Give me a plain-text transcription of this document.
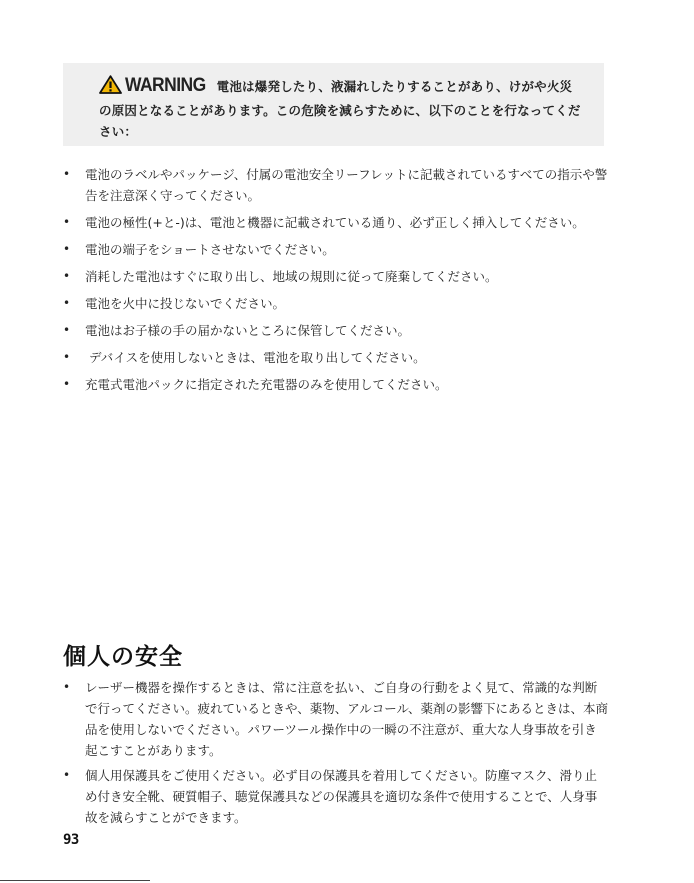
WARNING 電池は爆発したり、液漏れしたりすることがあり、けがや火災の原因となることがあります。この危険を減らすために、以下のことを行なってください：
• 電池のラベルやパッケージ、付属の電池安全リーフレットに記載されているすべての指示や警告を注意深く守ってください。
• 電池の極性(+と-)は、電池と機器に記載されている通り、必ず正しく挿入してください。
• 電池の端子をショートさせないでください。
• 消耗した電池はすぐに取り出し、地域の規則に従って廃棄してください。
• 電池を火中に投じないでください。
• 電池はお子様の手の届かないところに保管してください。
• デバイスを使用しないときは、電池を取り出してください。
• 充電式電池パックに指定された充電器のみを使用してください。
個人の安全
• レーザー機器を操作するときは、常に注意を払い、ご自身の行動をよく見て、常識的な判断で行ってください。疲れているときや、薬物、アルコール、薬剤の影響下にあるときは、本商品を使用しないでください。パワーツール操作中の一瞬の不注意が、重大な人身事故を引き起こすことがあります。
• 個人用保護具をご使用ください。必ず目の保護具を着用してください。防塵マスク、滑り止め付き安全靴、硬質帽子、聴覚保護具などの保護具を適切な条件で使用することで、人身事故を減らすことができます。
93
